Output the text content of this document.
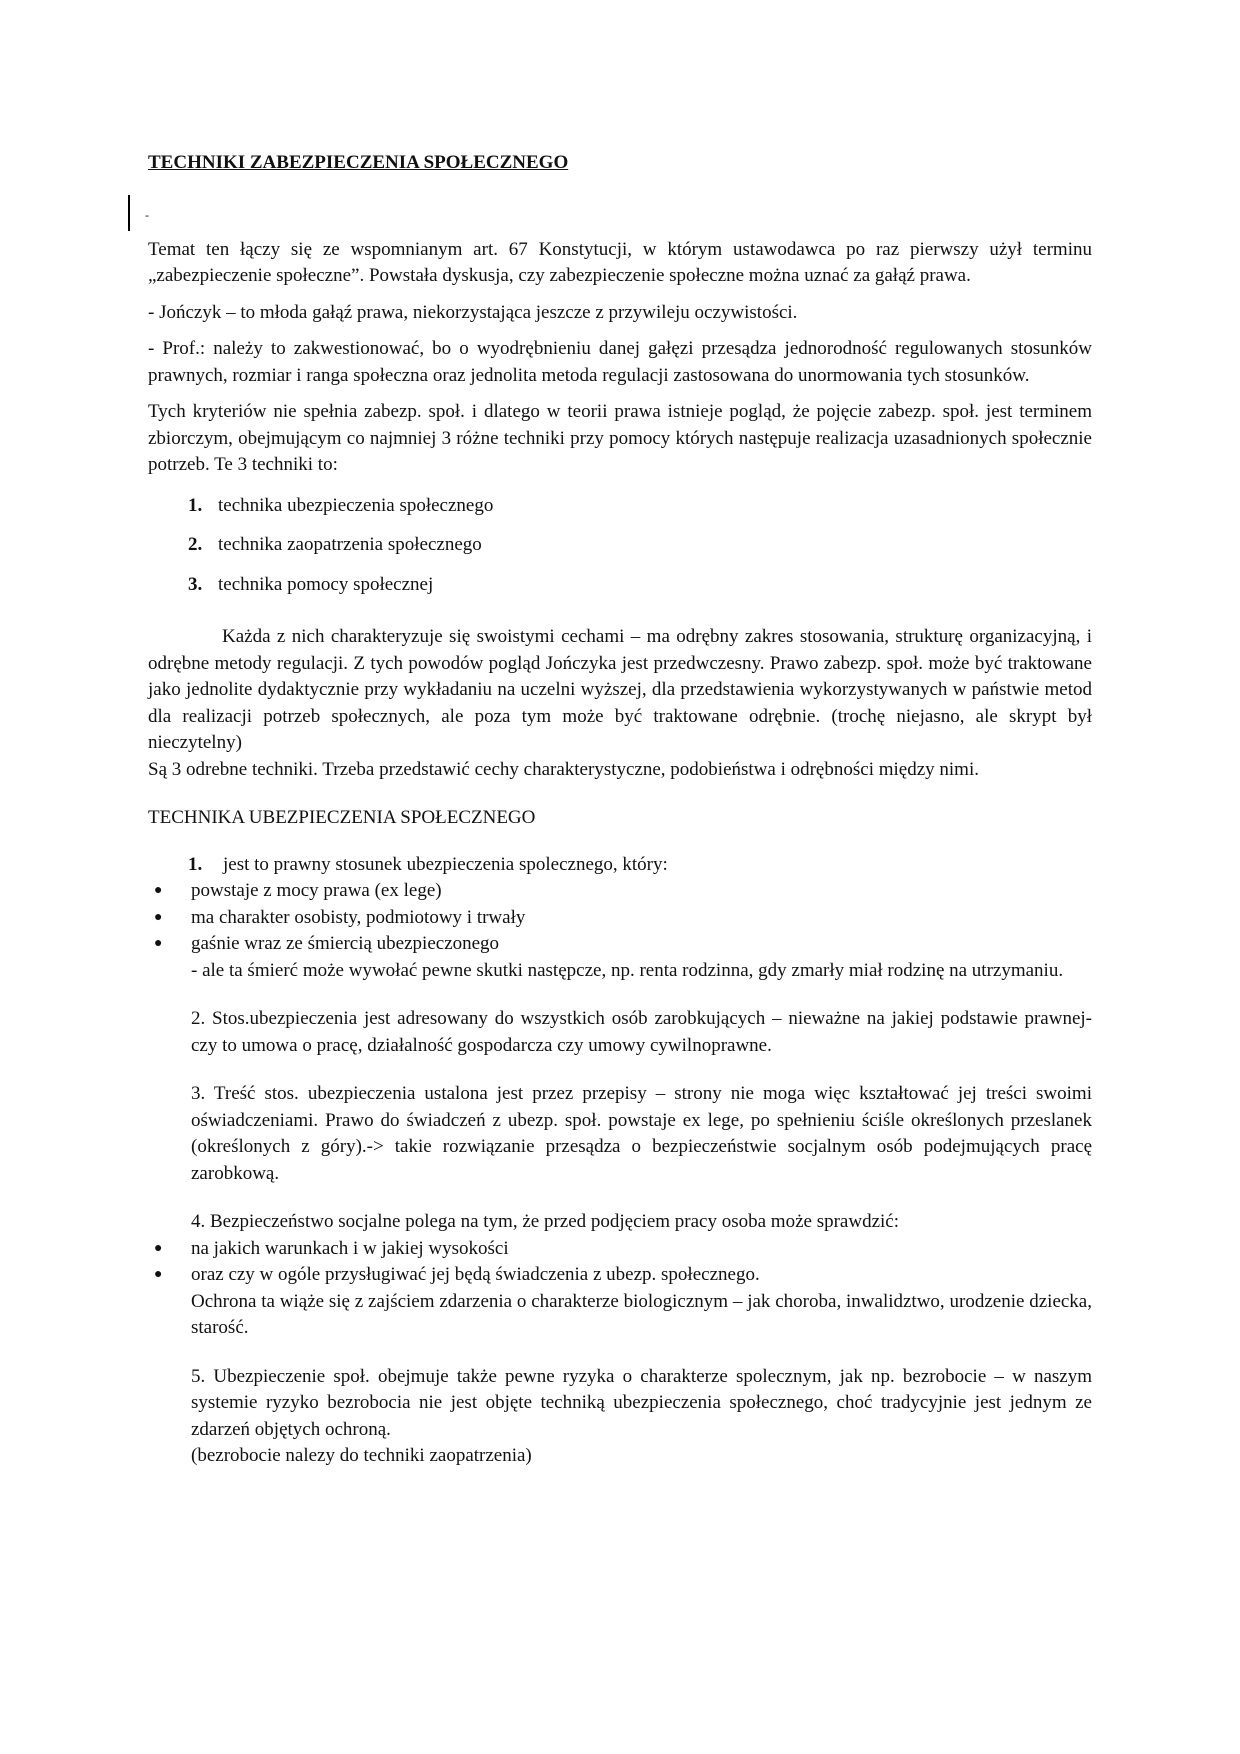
TECHNIKI ZABEZPIECZENIA SPOŁECZNEGO
-

Temat ten łączy się ze wspomnianym art. 67 Konstytucji, w którym ustawodawca po raz pierwszy użył terminu „zabezpieczenie społeczne”. Powstała dyskusja, czy zabezpieczenie społeczne można uznać za gałąź prawa.

- Jończyk – to młoda gałąź prawa, niekorzystająca jeszcze z przywileju oczywistości.

- Prof.: należy to zakwestionować, bo o wyodrębnieniu danej gałęzi przesądza jednorodność regulowanych stosunków prawnych, rozmiar i ranga społeczna oraz jednolita metoda regulacji zastosowana do unormowania tych stosunków.

Tych kryteriów nie spełnia zabezp. społ. i dlatego w teorii prawa istnieje pogląd, że pojęcie zabezp. społ. jest terminem zbiorczym, obejmującym co najmniej 3 różne techniki przy pomocy których następuje realizacja uzasadnionych społecznie potrzeb. Te 3 techniki to:

1. technika ubezpieczenia społecznego
2. technika zaopatrzenia społecznego
3. technika pomocy społecznej

Każda z nich charakteryzuje się swoistymi cechami – ma odrębny zakres stosowania, strukturę organizacyjną, i odrębne metody regulacji. Z tych powodów pogląd Jończyka jest przedwczesny. Prawo zabezp. społ. może być traktowane jako jednolite dydaktycznie przy wykładaniu na uczelni wyższej, dla przedstawienia wykorzystywanych w państwie metod dla realizacji potrzeb społecznych, ale poza tym może być traktowane odrębnie. (trochę niejasno, ale skrypt był nieczytelny)

Są 3 odrebne techniki. Trzeba przedstawić cechy charakterystyczne, podobieństwa i odrębności między nimi.

TECHNIKA UBEZPIECZENIA SPOŁECZNEGO
1.	jest to prawny stosunek ubezpieczenia spolecznego, który:
● powstaje z mocy prawa (ex lege)
● ma charakter osobisty, podmiotowy i trwały
● gaśnie wraz ze śmiercią ubezpieczonego
- ale ta śmierć może wywołać pewne skutki następcze, np. renta rodzinna, gdy zmarły miał rodzinę na utrzymaniu.
2. Stos.ubezpieczenia jest adresowany do wszystkich osób zarobkujących – nieważne na jakiej podstawie prawnej- czy to umowa o pracę, działalność gospodarcza czy umowy cywilnoprawne.
3. Treść stos. ubezpieczenia ustalona jest przez przepisy – strony nie moga więc kształtować jej treści swoimi oświadczeniami. Prawo do świadczeń z ubezp. społ. powstaje ex lege, po spełnieniu ściśle określonych przeslanek (określonych z góry).-> takie rozwiązanie przesądza o bezpieczeństwie socjalnym osób podejmujących pracę zarobkową.
4. Bezpieczeństwo socjalne polega na tym, że przed podjęciem pracy osoba może sprawdzić:
● na jakich warunkach i w jakiej wysokości
● oraz czy w ogóle przysługiwać jej będą świadczenia z ubezp. społecznego.
Ochrona ta wiąże się z zajściem zdarzenia o charakterze biologicznym – jak choroba, inwalidztwo, urodzenie dziecka, starość.
5. Ubezpieczenie społ. obejmuje także pewne ryzyka o charakterze spolecznym, jak np. bezrobocie – w naszym systemie ryzyko bezrobocia nie jest objęte techniką ubezpieczenia społecznego, choć tradycyjnie jest jednym ze zdarzeń objętych ochroną.
(bezrobocie nalezy do techniki zaopatrzenia)
